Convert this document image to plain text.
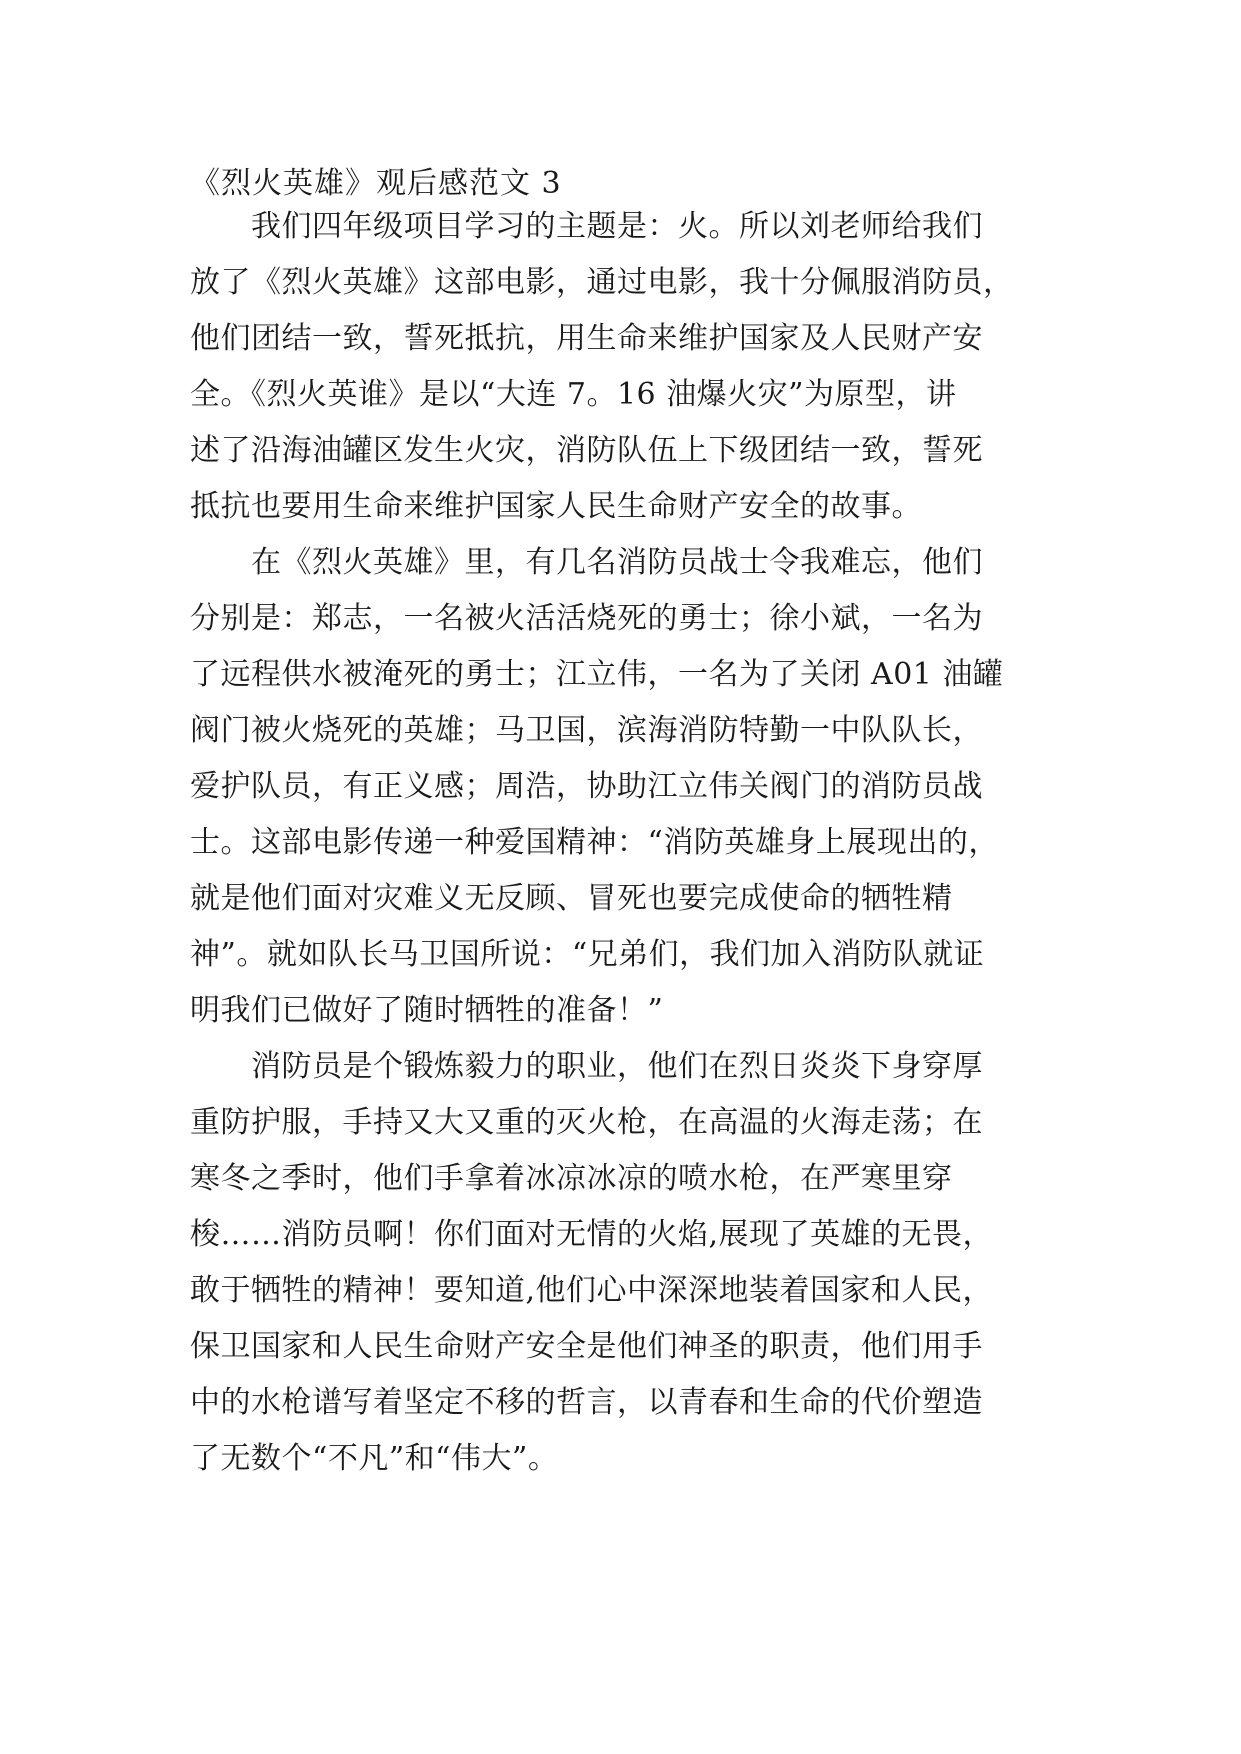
《烈火英雄》观后感范文 3
　　我们四年级项目学习的主题是：火。所以刘老师给我们
放了《烈火英雄》这部电影，通过电影，我十分佩服消防员，
他们团结一致，誓死抵抗，用生命来维护国家及人民财产安
全。《烈火英谁》是以“大连 7。16 油爆火灾”为原型，讲
述了沿海油罐区发生火灾，消防队伍上下级团结一致，誓死
抵抗也要用生命来维护国家人民生命财产安全的故事。
　　在《烈火英雄》里，有几名消防员战士令我难忘，他们
分别是：郑志，一名被火活活烧死的勇士；徐小斌，一名为
了远程供水被淹死的勇士；江立伟，一名为了关闭 A01 油罐
阀门被火烧死的英雄；马卫国，滨海消防特勤一中队队长，
爱护队员，有正义感；周浩，协助江立伟关阀门的消防员战
士。这部电影传递一种爱国精神：“消防英雄身上展现出的，
就是他们面对灾难义无反顾、冒死也要完成使命的牺牲精
神”。就如队长马卫国所说：“兄弟们，我们加入消防队就证
明我们已做好了随时牺牲的准备！”
　　消防员是个锻炼毅力的职业，他们在烈日炎炎下身穿厚
重防护服，手持又大又重的灭火枪，在高温的火海走荡；在
寒冬之季时，他们手拿着冰凉冰凉的喷水枪，在严寒里穿
梭……消防员啊！你们面对无情的火焰,展现了英雄的无畏，
敢于牺牲的精神！要知道,他们心中深深地装着国家和人民，
保卫国家和人民生命财产安全是他们神圣的职责，他们用手
中的水枪谱写着坚定不移的哲言，以青春和生命的代价塑造
了无数个“不凡”和“伟大”。
